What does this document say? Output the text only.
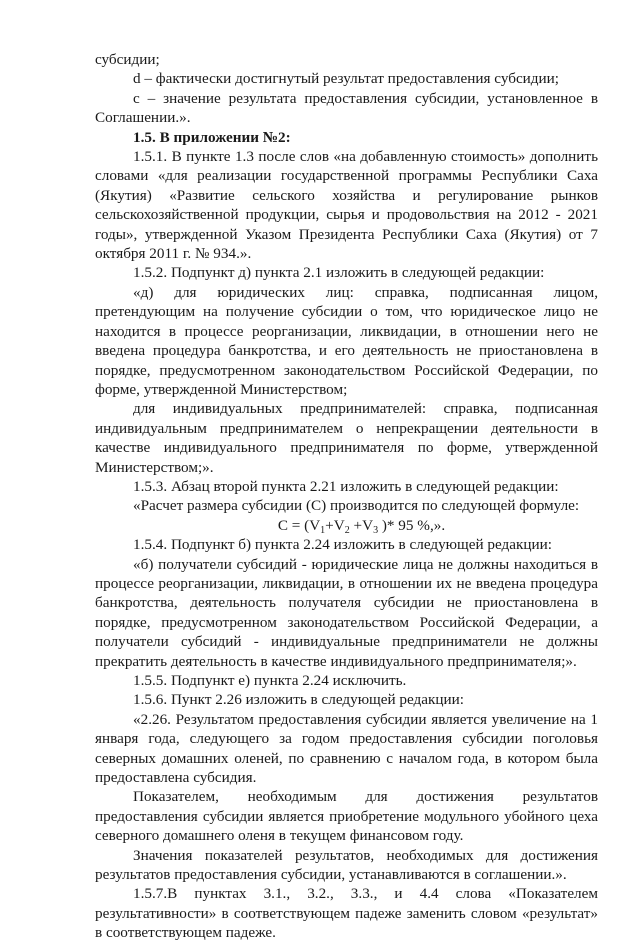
субсидии;

d – фактически достигнутый результат предоставления субсидии;

c – значение результата предоставления субсидии, установленное в Соглашении.».

1.5. В приложении №2:

1.5.1. В пункте 1.3 после слов «на добавленную стоимость» дополнить словами «для реализации государственной программы Республики Саха (Якутия) «Развитие сельского хозяйства и регулирование рынков сельскохозяйственной продукции, сырья и продовольствия на 2012 - 2021 годы», утвержденной Указом Президента Республики Саха (Якутия) от 7 октября 2011 г. № 934.».

1.5.2. Подпункт д) пункта 2.1 изложить в следующей редакции:

«д) для юридических лиц: справка, подписанная лицом, претендующим на получение субсидии о том, что юридическое лицо не находится в процессе реорганизации, ликвидации, в отношении него не введена процедура банкротства, и его деятельность не приостановлена в порядке, предусмотренном законодательством Российской Федерации, по форме, утвержденной Министерством;

для индивидуальных предпринимателей: справка, подписанная индивидуальным предпринимателем о непрекращении деятельности в качестве индивидуального предпринимателя по форме, утвержденной Министерством;».

1.5.3. Абзац второй пункта 2.21 изложить в следующей редакции:

«Расчет размера субсидии (С) производится по следующей формуле:

$С = (V_1+V_2 +V_3$ )* 95 %,».

1.5.4. Подпункт б) пункта 2.24 изложить в следующей редакции:

«б) получатели субсидий - юридические лица не должны находиться в процессе реорганизации, ликвидации, в отношении их не введена процедура банкротства, деятельность получателя субсидии не приостановлена в порядке, предусмотренном законодательством Российской Федерации, а получатели субсидий - индивидуальные предприниматели не должны прекратить деятельность в качестве индивидуального предпринимателя;».

1.5.5. Подпункт е) пункта 2.24 исключить.

1.5.6. Пункт 2.26 изложить в следующей редакции:

«2.26. Результатом предоставления субсидии является увеличение на 1 января года, следующего за годом предоставления субсидии поголовья северных домашних оленей, по сравнению с началом года, в котором была предоставлена субсидия.

Показателем, необходимым для достижения результатов предоставления субсидии является приобретение модульного убойного цеха северного домашнего оленя в текущем финансовом году.

Значения показателей результатов, необходимых для достижения результатов предоставления субсидии, устанавливаются в соглашении.».

1.5.7.В пунктах 3.1., 3.2., 3.3., и 4.4 слова «Показателем результативности» в соответствующем падеже заменить словом «результат» в соответствующем падеже.
